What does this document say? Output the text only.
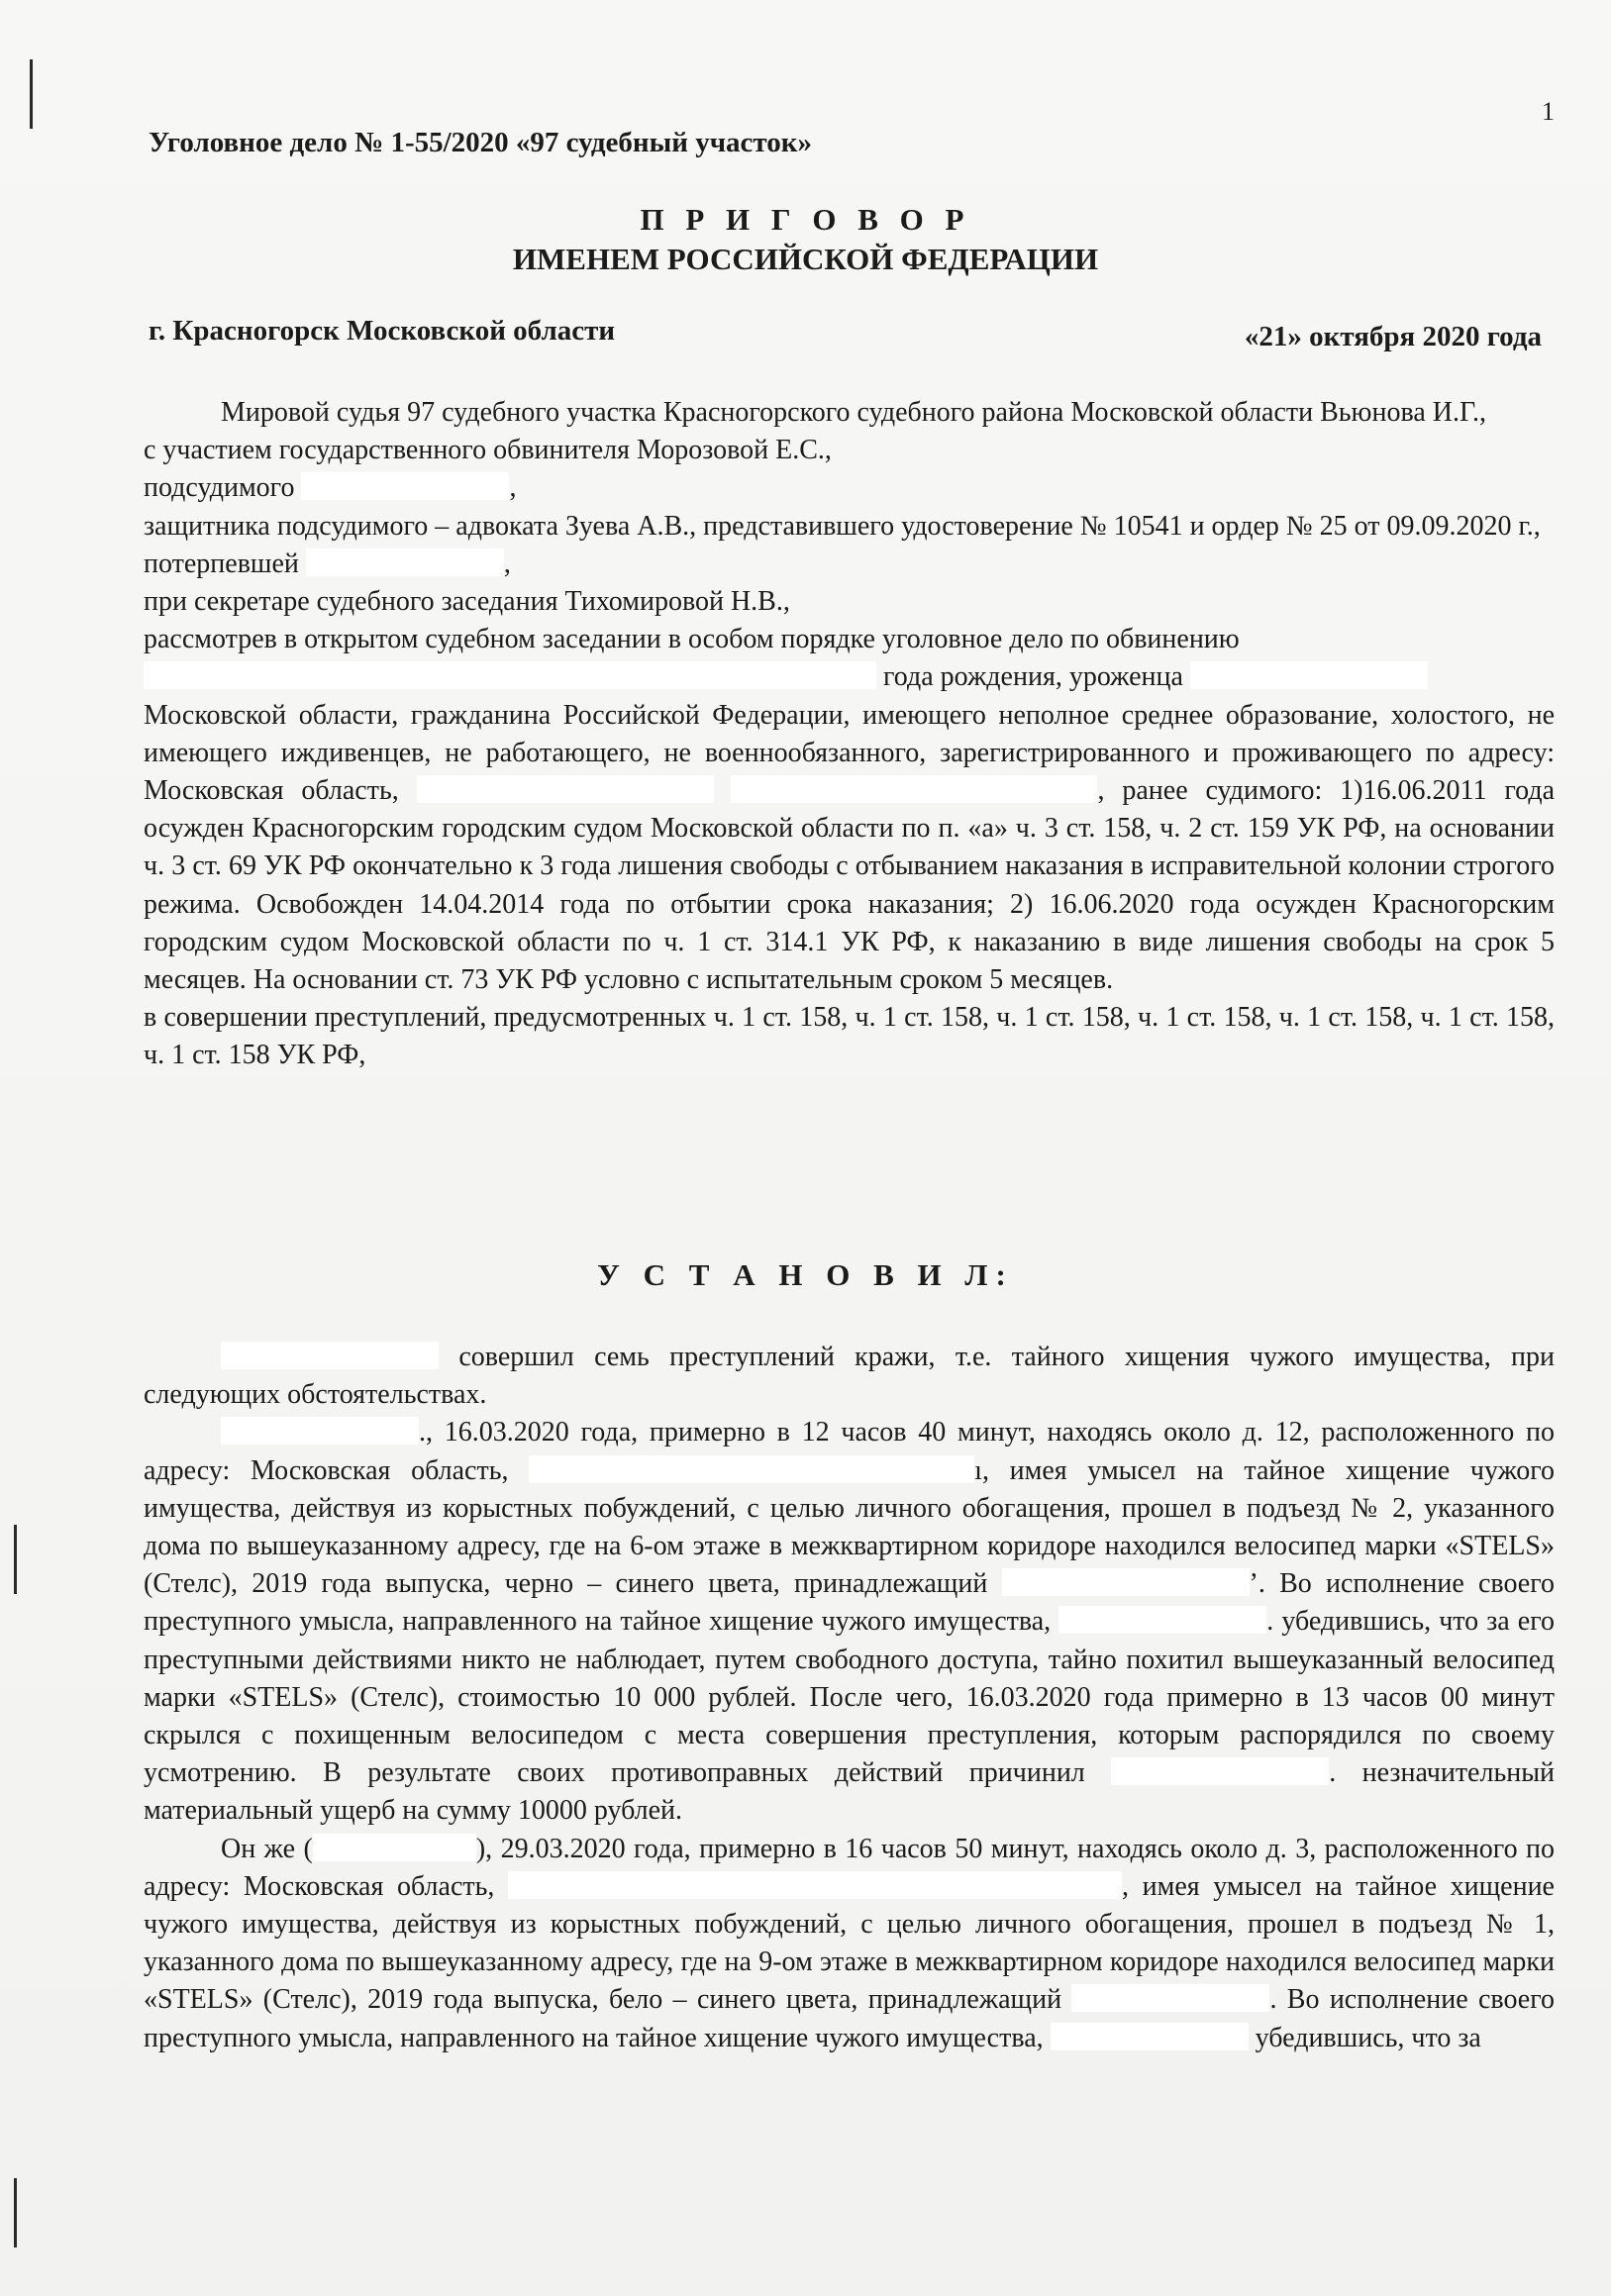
1
Уголовное дело № 1-55/2020 «97 судебный участок»
П Р И Г О В О Р
ИМЕНЕМ РОССИЙСКОЙ ФЕДЕРАЦИИ
г. Красногорск Московской области	«21» октября 2020 года

Мировой судья 97 судебного участка Красногорского судебного района Московской области Вьюнова И.Г.,

с участием государственного обвинителя Морозовой Е.С.,

подсудимого	,

защитника подсудимого – адвоката Зуева А.В., представившего удостоверение № 10541 и ордер № 25 от 09.09.2020 г.,

потерпевшей	,

при секретаре судебного заседания Тихомировой Н.В.,

рассмотрев в открытом судебном заседании в особом порядке уголовное дело по обвинению

года рождения, уроженца

Московской области, гражданина Российской Федерации, имеющего неполное среднее образование, холостого, не имеющего иждивенцев, не работающего, не военнообязанного, зарегистрированного и проживающего по адресу: Московская область,	, ранее судимого: 1)16.06.2011 года осужден Красногорским городским судом Московской области по п. «а» ч. 3 ст. 158, ч. 2 ст. 159 УК РФ, на основании ч. 3 ст. 69 УК РФ окончательно к 3 года лишения свободы с отбыванием наказания в исправительной колонии строгого режима. Освобожден 14.04.2014 года по отбытии срока наказания; 2) 16.06.2020 года осужден Красногорским городским судом Московской области по ч. 1 ст. 314.1 УК РФ, к наказанию в виде лишения свободы на срок 5 месяцев. На основании ст. 73 УК РФ условно с испытательным сроком 5 месяцев.

в совершении преступлений, предусмотренных ч. 1 ст. 158, ч. 1 ст. 158, ч. 1 ст. 158, ч. 1 ст. 158, ч. 1 ст. 158, ч. 1 ст. 158, ч. 1 ст. 158 УК РФ,

У С Т А Н О В И Л:

совершил семь преступлений кражи, т.е. тайного хищения чужого имущества, при следующих обстоятельствах.

., 16.03.2020 года, примерно в 12 часов 40 минут, находясь около д. 12, расположенного по адресу: Московская область,	ı, имея умысел на тайное хищение чужого имущества, действуя из корыстных побуждений, с целью личного обогащения, прошел в подъезд № 2, указанного дома по вышеуказанному адресу, где на 6-ом этаже в межквартирном коридоре находился велосипед марки «STELS» (Стелс), 2019 года выпуска, черно – синего цвета, принадлежащий	ʼ. Во исполнение своего преступного умысла, направленного на тайное хищение чужого имущества,	. убедившись, что за его преступными действиями никто не наблюдает, путем свободного доступа, тайно похитил вышеуказанный велосипед марки «STELS» (Стелс), стоимостью 10 000 рублей. После чего, 16.03.2020 года примерно в 13 часов 00 минут скрылся с похищенным велосипедом с места совершения преступления, которым распорядился по своему усмотрению. В результате своих противоправных действий причинил	. незначительный материальный ущерб на сумму 10000 рублей.

Он же (	), 29.03.2020 года, примерно в 16 часов 50 минут, находясь около д. 3, расположенного по адресу: Московская область,	, имея умысел на тайное хищение чужого имущества, действуя из корыстных побуждений, с целью личного обогащения, прошел в подъезд № 1, указанного дома по вышеуказанному адресу, где на 9-ом этаже в межквартирном коридоре находился велосипед марки «STELS» (Стелс), 2019 года выпуска, бело – синего цвета, принадлежащий	. Во исполнение своего преступного умысла, направленного на тайное хищение чужого имущества,	убедившись, что за
